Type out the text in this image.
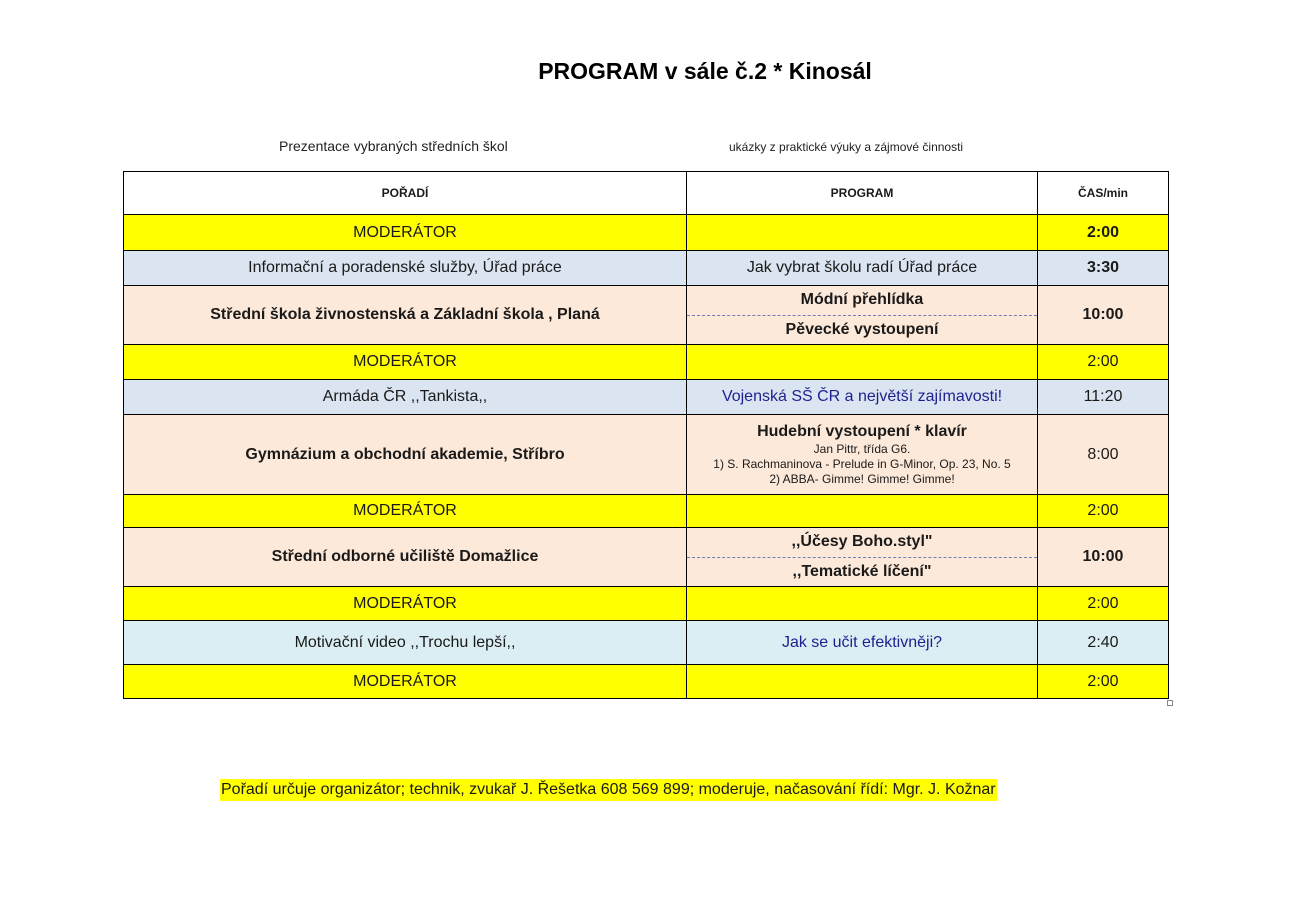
PROGRAM v sále č.2 * Kinosál
Prezentace vybraných středních škol	ukázky z praktické výuky a zájmové činnosti
POŘADÍ	PROGRAM	ČAS/min
MODERÁTOR		2:00
Informační a poradenské služby, Úřad práce	Jak vybrat školu radí Úřad práce	3:30
Střední škola živnostenská a Základní škola , Planá	Módní přehlídka
Pěvecké vystoupení	10:00
MODERÁTOR		2:00
Armáda ČR ,,Tankista,,	Vojenská SŠ ČR a největší zajímavosti!	11:20
Gymnázium a obchodní akademie, Stříbro	Hudební vystoupení * klavír
Jan Pittr, třída G6.
1) S. Rachmaninova - Prelude in G-Minor, Op. 23, No. 5
2) ABBA- Gimme! Gimme! Gimme!	8:00
MODERÁTOR		2:00
Střední odborné učiliště Domažlice	,,Účesy Boho.styl"
,,Tematické líčení"	10:00
MODERÁTOR		2:00
Motivační video ,,Trochu lepší,,	Jak se učit efektivněji?	2:40
MODERÁTOR		2:00
Pořadí určuje organizátor; technik, zvukař J. Řešetka 608 569 899; moderuje, načasování řídí: Mgr. J. Kožnar
